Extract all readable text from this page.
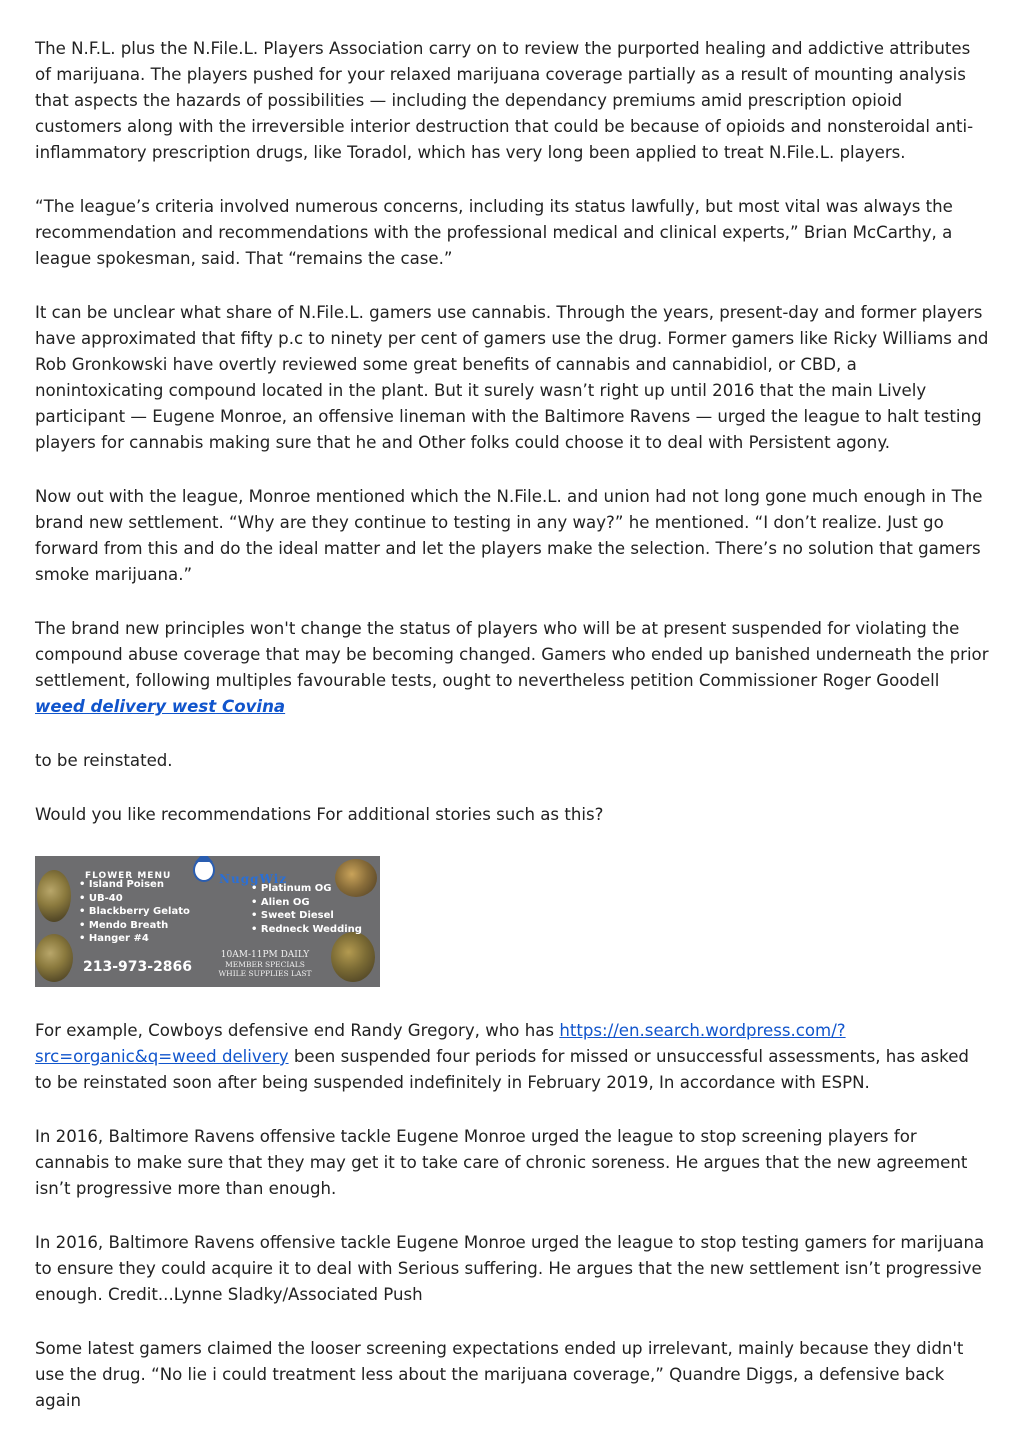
The N.F.L. plus the N.File.L. Players Association carry on to review the purported healing and addictive attributes of marijuana. The players pushed for your relaxed marijuana coverage partially as a result of mounting analysis that aspects the hazards of possibilities — including the dependancy premiums amid prescription opioid customers along with the irreversible interior destruction that could be because of opioids and nonsteroidal anti-inflammatory prescription drugs, like Toradol, which has very long been applied to treat N.File.L. players.

“The league’s criteria involved numerous concerns, including its status lawfully, but most vital was always the recommendation and recommendations with the professional medical and clinical experts,” Brian McCarthy, a league spokesman, said. That “remains the case.”

It can be unclear what share of N.File.L. gamers use cannabis. Through the years, present-day and former players have approximated that fifty p.c to ninety per cent of gamers use the drug. Former gamers like Ricky Williams and Rob Gronkowski have overtly reviewed some great benefits of cannabis and cannabidiol, or CBD, a nonintoxicating compound located in the plant. But it surely wasn’t right up until 2016 that the main Lively participant — Eugene Monroe, an offensive lineman with the Baltimore Ravens — urged the league to halt testing players for cannabis making sure that he and Other folks could choose it to deal with Persistent agony.

Now out with the league, Monroe mentioned which the N.File.L. and union had not long gone much enough in The brand new settlement. “Why are they continue to testing in any way?” he mentioned. “I don’t realize. Just go forward from this and do the ideal matter and let the players make the selection. There’s no solution that gamers smoke marijuana.”

The brand new principles won't change the status of players who will be at present suspended for violating the compound abuse coverage that may be becoming changed. Gamers who ended up banished underneath the prior settlement, following multiples favourable tests, ought to nevertheless petition Commissioner Roger Goodell
weed delivery west Covina

to be reinstated.

Would you like recommendations For additional stories such as this?

FLOWER MENU	NuggWiz
• Island Poisen
• UB-40
• Blackberry Gelato
• Mendo Breath
• Hanger #4
• Platinum OG
• Alien OG
• Sweet Diesel
• Redneck Wedding
213-973-2866
10AM-11PM DAILY
MEMBER SPECIALS
WHILE SUPPLIES LAST

For example, Cowboys defensive end Randy Gregory, who has https://en.search.wordpress.com/?src=organic&q=weed delivery been suspended four periods for missed or unsuccessful assessments, has asked to be reinstated soon after being suspended indefinitely in February 2019, In accordance with ESPN.

In 2016, Baltimore Ravens offensive tackle Eugene Monroe urged the league to stop screening players for cannabis to make sure that they may get it to take care of chronic soreness. He argues that the new agreement isn’t progressive more than enough.

In 2016, Baltimore Ravens offensive tackle Eugene Monroe urged the league to stop testing gamers for marijuana to ensure they could acquire it to deal with Serious suffering. He argues that the new settlement isn’t progressive enough. Credit...Lynne Sladky/Associated Push

Some latest gamers claimed the looser screening expectations ended up irrelevant, mainly because they didn't use the drug. “No lie i could treatment less about the marijuana coverage,” Quandre Diggs, a defensive back again
